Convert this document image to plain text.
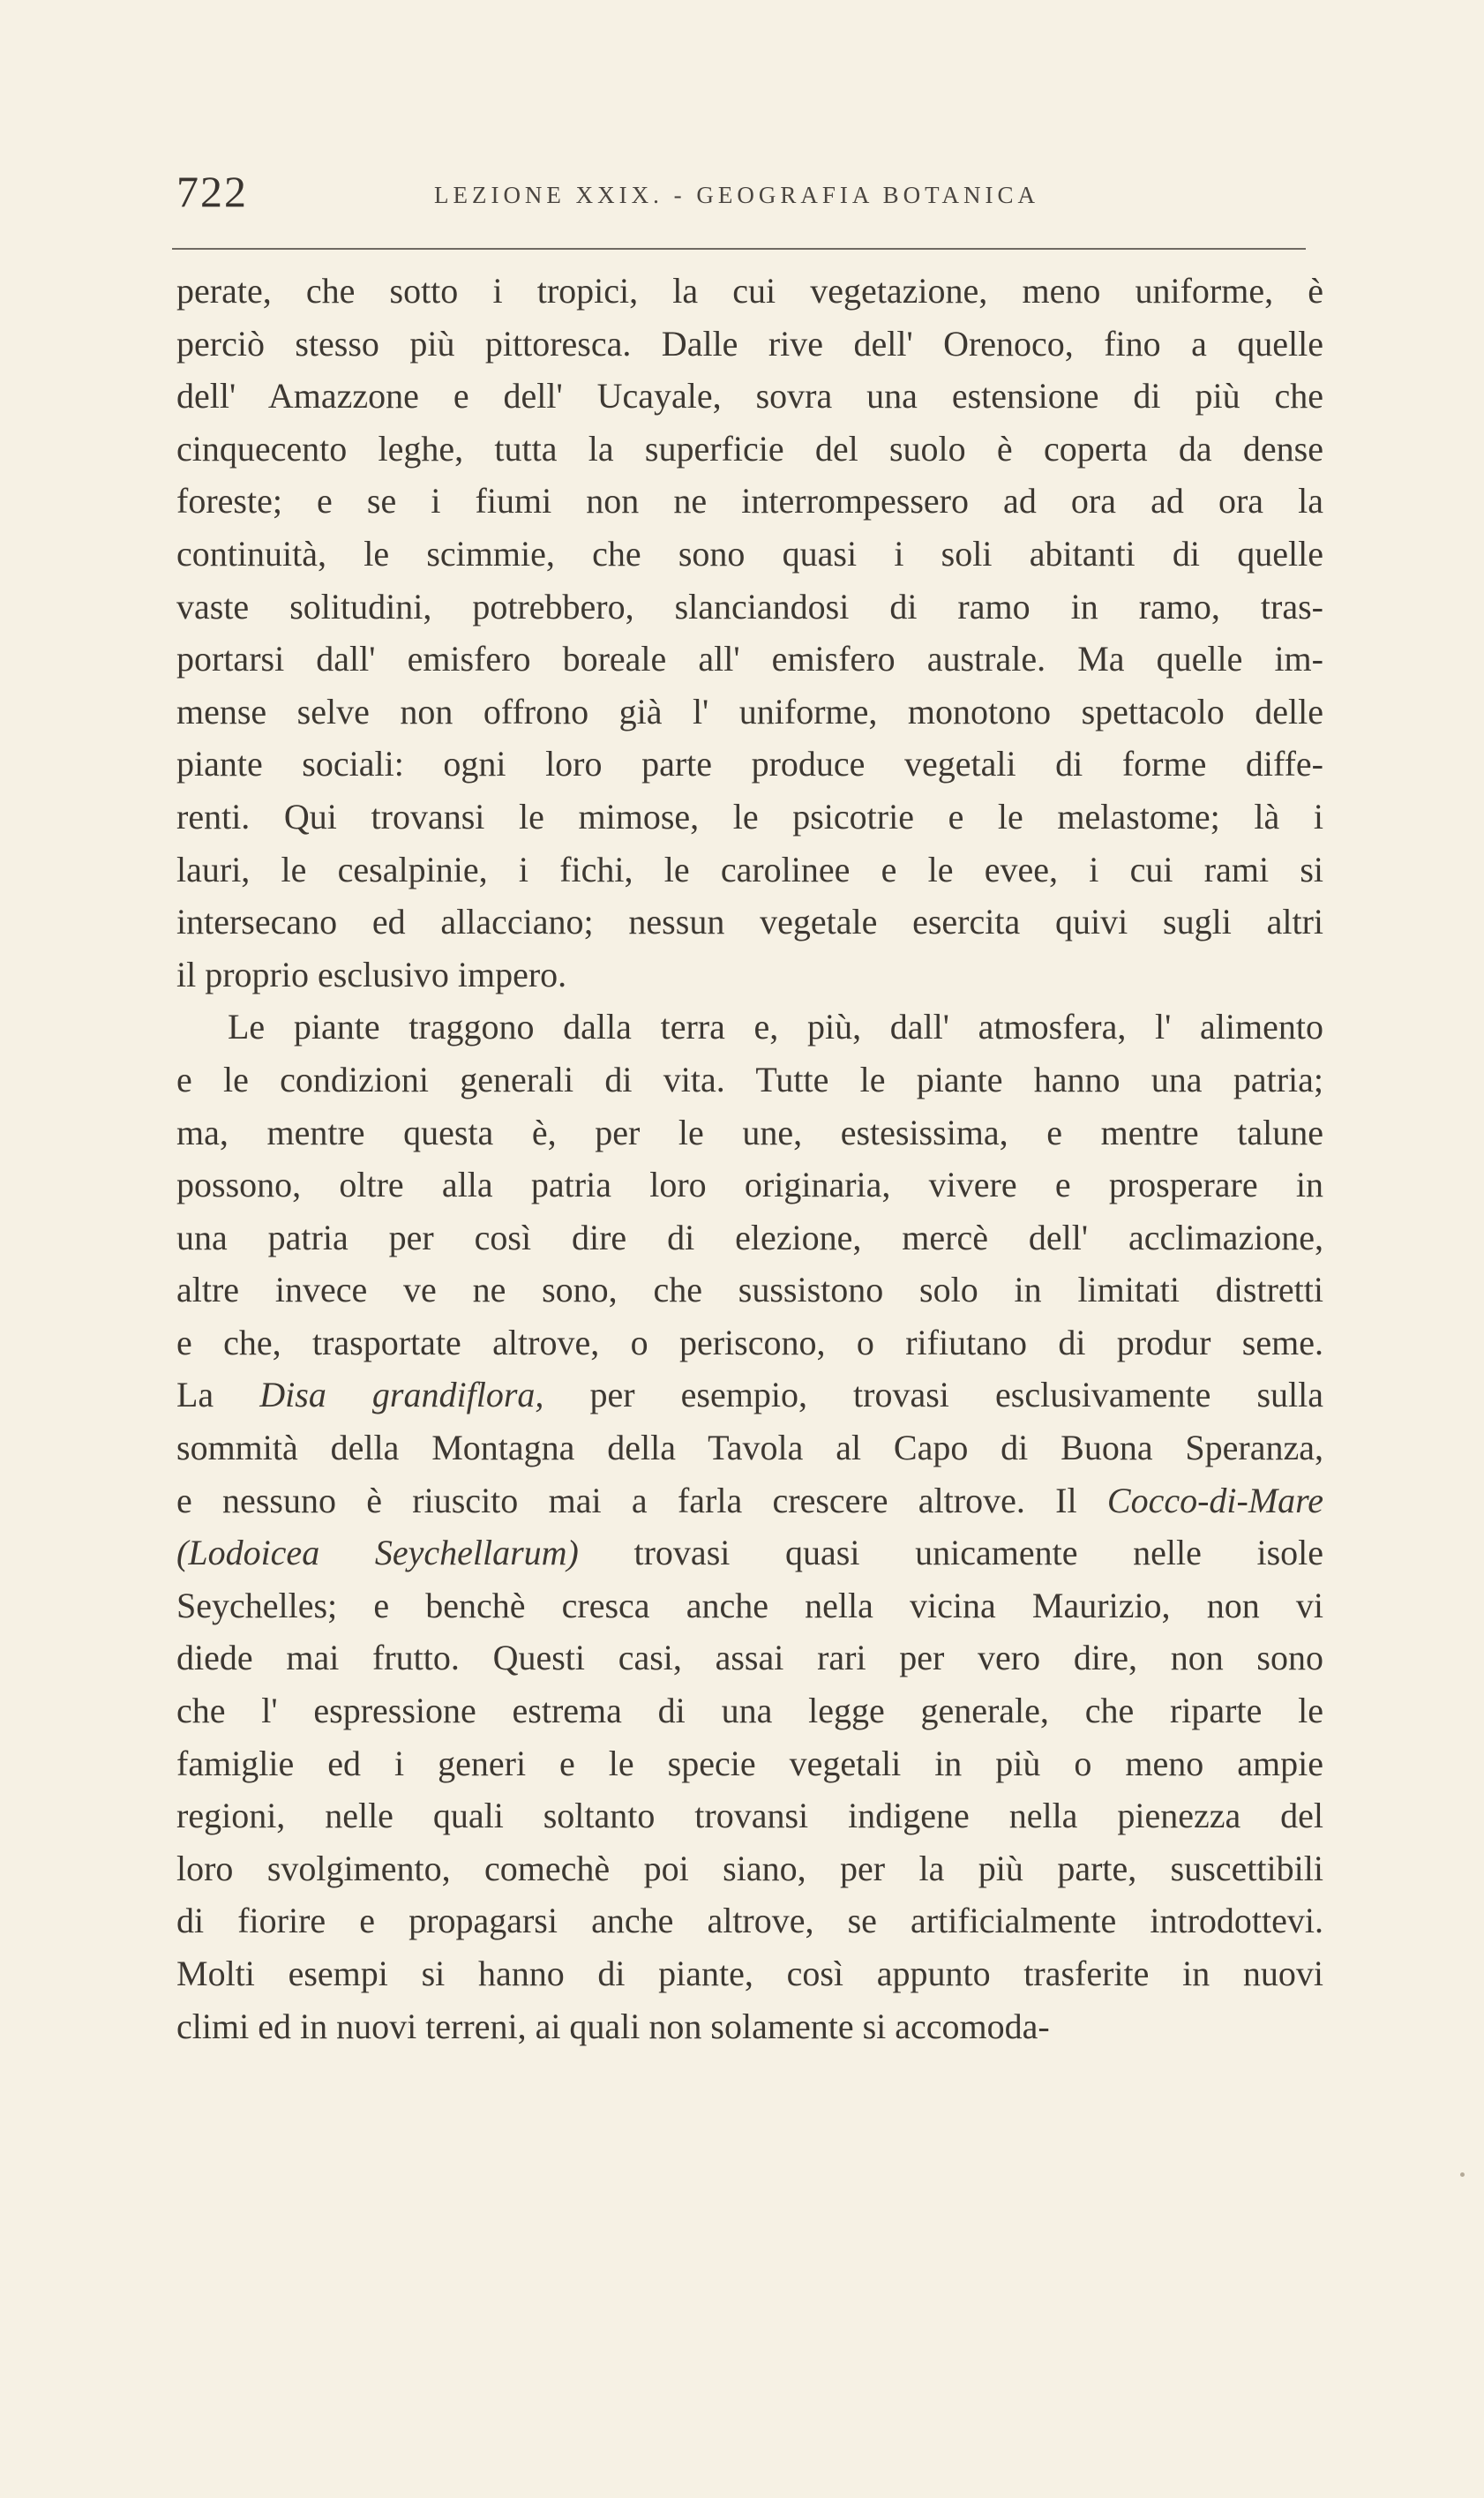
722	LEZIONE XXIX. - GEOGRAFIA BOTANICA
perate, che sotto i tropici, la cui vegetazione, meno uniforme, è
perciò stesso più pittoresca. Dalle rive dell' Orenoco, fino a quelle
dell' Amazzone e dell' Ucayale, sovra una estensione di più che
cinquecento leghe, tutta la superficie del suolo è coperta da dense
foreste; e se i fiumi non ne interrompessero ad ora ad ora la
continuità, le scimmie, che sono quasi i soli abitanti di quelle
vaste solitudini, potrebbero, slanciandosi di ramo in ramo, tras-
portarsi dall' emisfero boreale all' emisfero australe. Ma quelle im-
mense selve non offrono già l' uniforme, monotono spettacolo delle
piante sociali: ogni loro parte produce vegetali di forme diffe-
renti. Qui trovansi le mimose, le psicotrie e le melastome; là i
lauri, le cesalpinie, i fichi, le carolinee e le evee, i cui rami si
intersecano ed allacciano; nessun vegetale esercita quivi sugli altri
il proprio esclusivo impero.
Le piante traggono dalla terra e, più, dall' atmosfera, l' alimento
e le condizioni generali di vita. Tutte le piante hanno una patria;
ma, mentre questa è, per le une, estesissima, e mentre talune
possono, oltre alla patria loro originaria, vivere e prosperare in
una patria per così dire di elezione, mercè dell' acclimazione,
altre invece ve ne sono, che sussistono solo in limitati distretti
e che, trasportate altrove, o periscono, o rifiutano di produr seme.
La Disa grandiflora, per esempio, trovasi esclusivamente sulla
sommità della Montagna della Tavola al Capo di Buona Speranza,
e nessuno è riuscito mai a farla crescere altrove. Il Cocco-di-Mare
(Lodoicea Seychellarum) trovasi quasi unicamente nelle isole
Seychelles; e benchè cresca anche nella vicina Maurizio, non vi
diede mai frutto. Questi casi, assai rari per vero dire, non sono
che l' espressione estrema di una legge generale, che riparte le
famiglie ed i generi e le specie vegetali in più o meno ampie
regioni, nelle quali soltanto trovansi indigene nella pienezza del
loro svolgimento, comechè poi siano, per la più parte, suscettibili
di fiorire e propagarsi anche altrove, se artificialmente introdottevi.
Molti esempi si hanno di piante, così appunto trasferite in nuovi
climi ed in nuovi terreni, ai quali non solamente si accomoda-
